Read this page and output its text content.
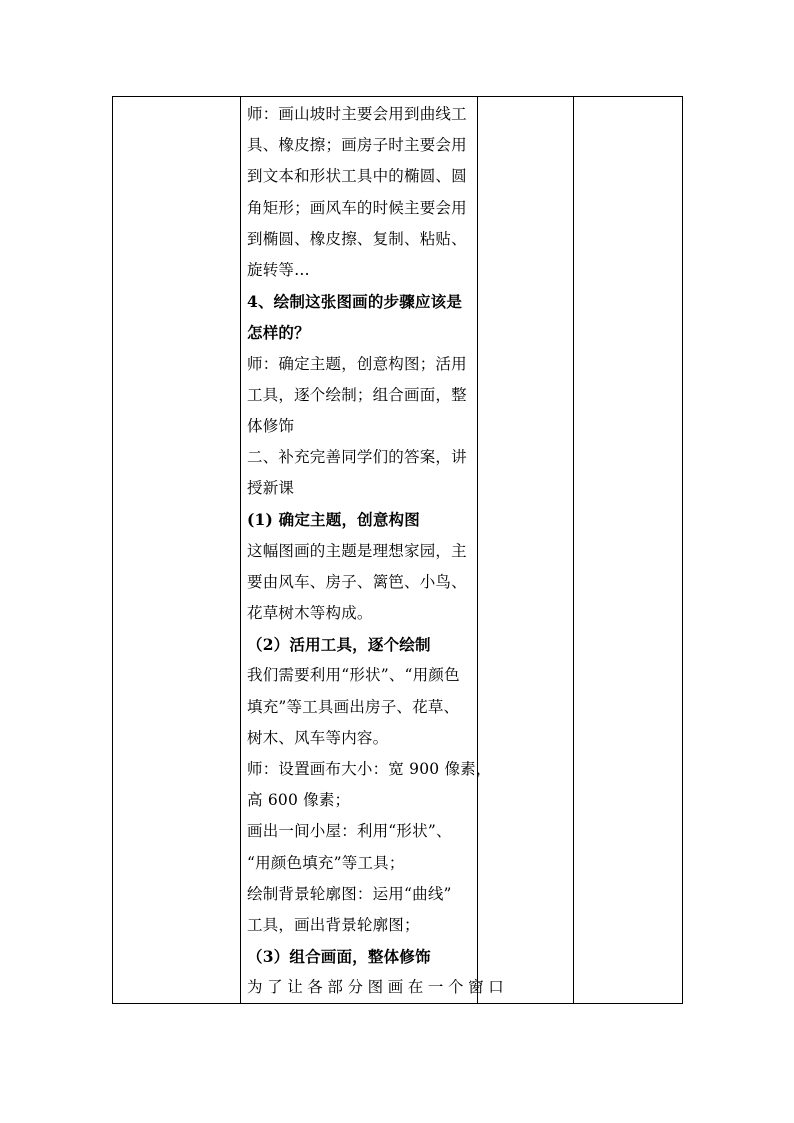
师：画山坡时主要会用到曲线工
具、橡皮擦；画房子时主要会用
到文本和形状工具中的椭圆、圆
角矩形；画风车的时候主要会用
到椭圆、橡皮擦、复制、粘贴、
旋转等…
4、绘制这张图画的步骤应该是
怎样的？
师：确定主题，创意构图；活用
工具，逐个绘制；组合画面，整
体修饰
二、补充完善同学们的答案，讲
授新课
(1) 确定主题，创意构图
这幅图画的主题是理想家园，主
要由风车、房子、篱笆、小鸟、
花草树木等构成。
（2）活用工具，逐个绘制
我们需要利用“形状”、“用颜色
填充”等工具画出房子、花草、
树木、风车等内容。
师：设置画布大小：宽 900 像素，
高 600 像素；
画出一间小屋：利用“形状”、
“用颜色填充”等工具；
绘制背景轮廓图：运用“曲线”
工具，画出背景轮廓图；
（3）组合画面，整体修饰
为了让各部分图画在一个窗口
